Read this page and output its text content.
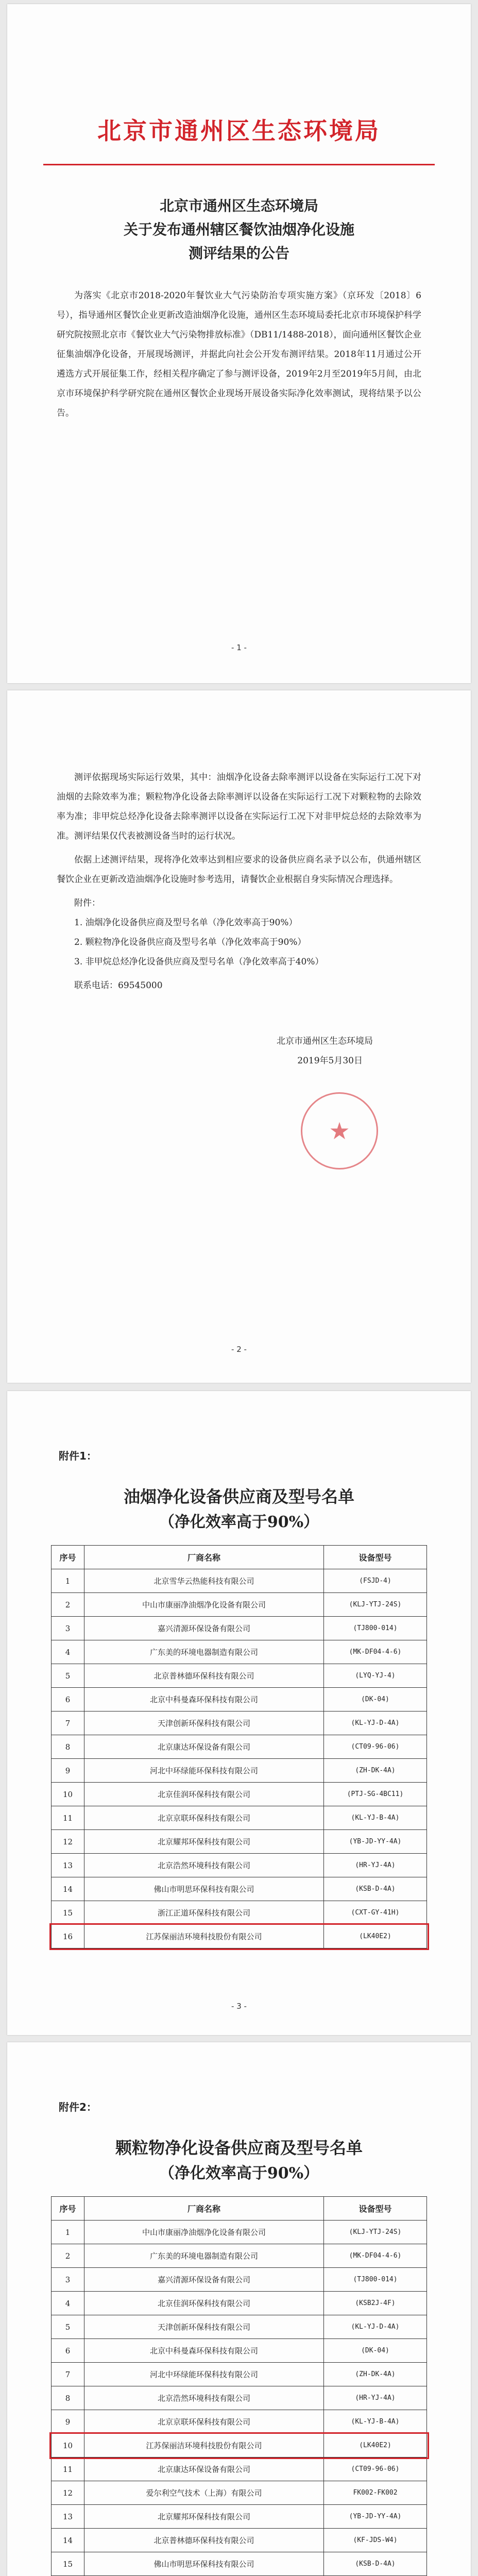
北京市通州区生态环境局
北京市通州区生态环境局
关于发布通州辖区餐饮油烟净化设施
测评结果的公告

为落实《北京市2018-2020年餐饮业大气污染防治专项实施方案》（京环发〔2018〕6号），指导通州区餐饮企业更新改造油烟净化设施，通州区生态环境局委托北京市环境保护科学研究院按照北京市《餐饮业大气污染物排放标准》（DB11/1488-2018），面向通州区餐饮企业征集油烟净化设备，开展现场测评，并据此向社会公开发布测评结果。2018年11月通过公开遴选方式开展征集工作，经相关程序确定了参与测评设备，2019年2月至2019年5月间，由北京市环境保护科学研究院在通州区餐饮企业现场开展设备实际净化效率测试，现将结果予以公告。

- 1 -

测评依据现场实际运行效果，其中：油烟净化设备去除率测评以设备在实际运行工况下对油烟的去除效率为准；颗粒物净化设备去除率测评以设备在实际运行工况下对颗粒物的去除效率为准；非甲烷总烃净化设备去除率测评以设备在实际运行工况下对非甲烷总烃的去除效率为准。测评结果仅代表被测设备当时的运行状况。

依据上述测评结果，现将净化效率达到相应要求的设备供应商名录予以公布，供通州辖区餐饮企业在更新改造油烟净化设施时参考选用，请餐饮企业根据自身实际情况合理选择。

附件：

1. 油烟净化设备供应商及型号名单（净化效率高于90%）

2. 颗粒物净化设备供应商及型号名单（净化效率高于90%）

3. 非甲烷总烃净化设备供应商及型号名单（净化效率高于40%）

联系电话：69545000

北京市通州区生态环境局

2019年5月30日

★
- 2 -
附件1：
油烟净化设备供应商及型号名单
（净化效率高于90%）
序号	厂商名称	设备型号
1	北京雪华云热能科技有限公司	(FSJD-4)
2	中山市康丽净油烟净化设备有限公司	(KLJ-YTJ-24S)
3	嘉兴清源环保设备有限公司	(TJ800-014)
4	广东美的环境电器制造有限公司	(MK-DF04-4-6)
5	北京普林德环保科技有限公司	(LYQ-YJ-4)
6	北京中科曼森环保科技有限公司	(DK-04)
7	天津创新环保科技有限公司	(KL-YJ-D-4A)
8	北京康达环保设备有限公司	(CT09-96-06)
9	河北中环绿能环保科技有限公司	(ZH-DK-4A)
10	北京佳润环保科技有限公司	(PTJ-SG-4BC11)
11	北京京联环保科技有限公司	(KL-YJ-B-4A)
12	北京耀邦环保科技有限公司	(YB-JD-YY-4A)
13	北京浩然环境科技有限公司	(HR-YJ-4A)
14	佛山市明思环保科技有限公司	(KSB-D-4A)
15	浙江正道环保科技有限公司	(CXT-GY-41H)
16	江苏保丽洁环境科技股份有限公司	(LK40E2)
- 3 -
附件2：
颗粒物净化设备供应商及型号名单
（净化效率高于90%）
序号	厂商名称	设备型号
1	中山市康丽净油烟净化设备有限公司	(KLJ-YTJ-24S)
2	广东美的环境电器制造有限公司	(MK-DF04-4-6)
3	嘉兴清源环保设备有限公司	(TJ800-014)
4	北京佳润环保科技有限公司	(KSB2J-4F)
5	天津创新环保科技有限公司	(KL-YJ-D-4A)
6	北京中科曼森环保科技有限公司	(DK-04)
7	河北中环绿能环保科技有限公司	(ZH-DK-4A)
8	北京浩然环境科技有限公司	(HR-YJ-4A)
9	北京京联环保科技有限公司	(KL-YJ-B-4A)
10	江苏保丽洁环境科技股份有限公司	(LK40E2)
11	北京康达环保设备有限公司	(CT09-96-06)
12	爱尔利空气技术（上海）有限公司	FK002-FK002
13	北京耀邦环保科技有限公司	(YB-JD-YY-4A)
14	北京普林德环保科技有限公司	(KF-JDS-W4)
15	佛山市明思环保科技有限公司	(KSB-D-4A)
